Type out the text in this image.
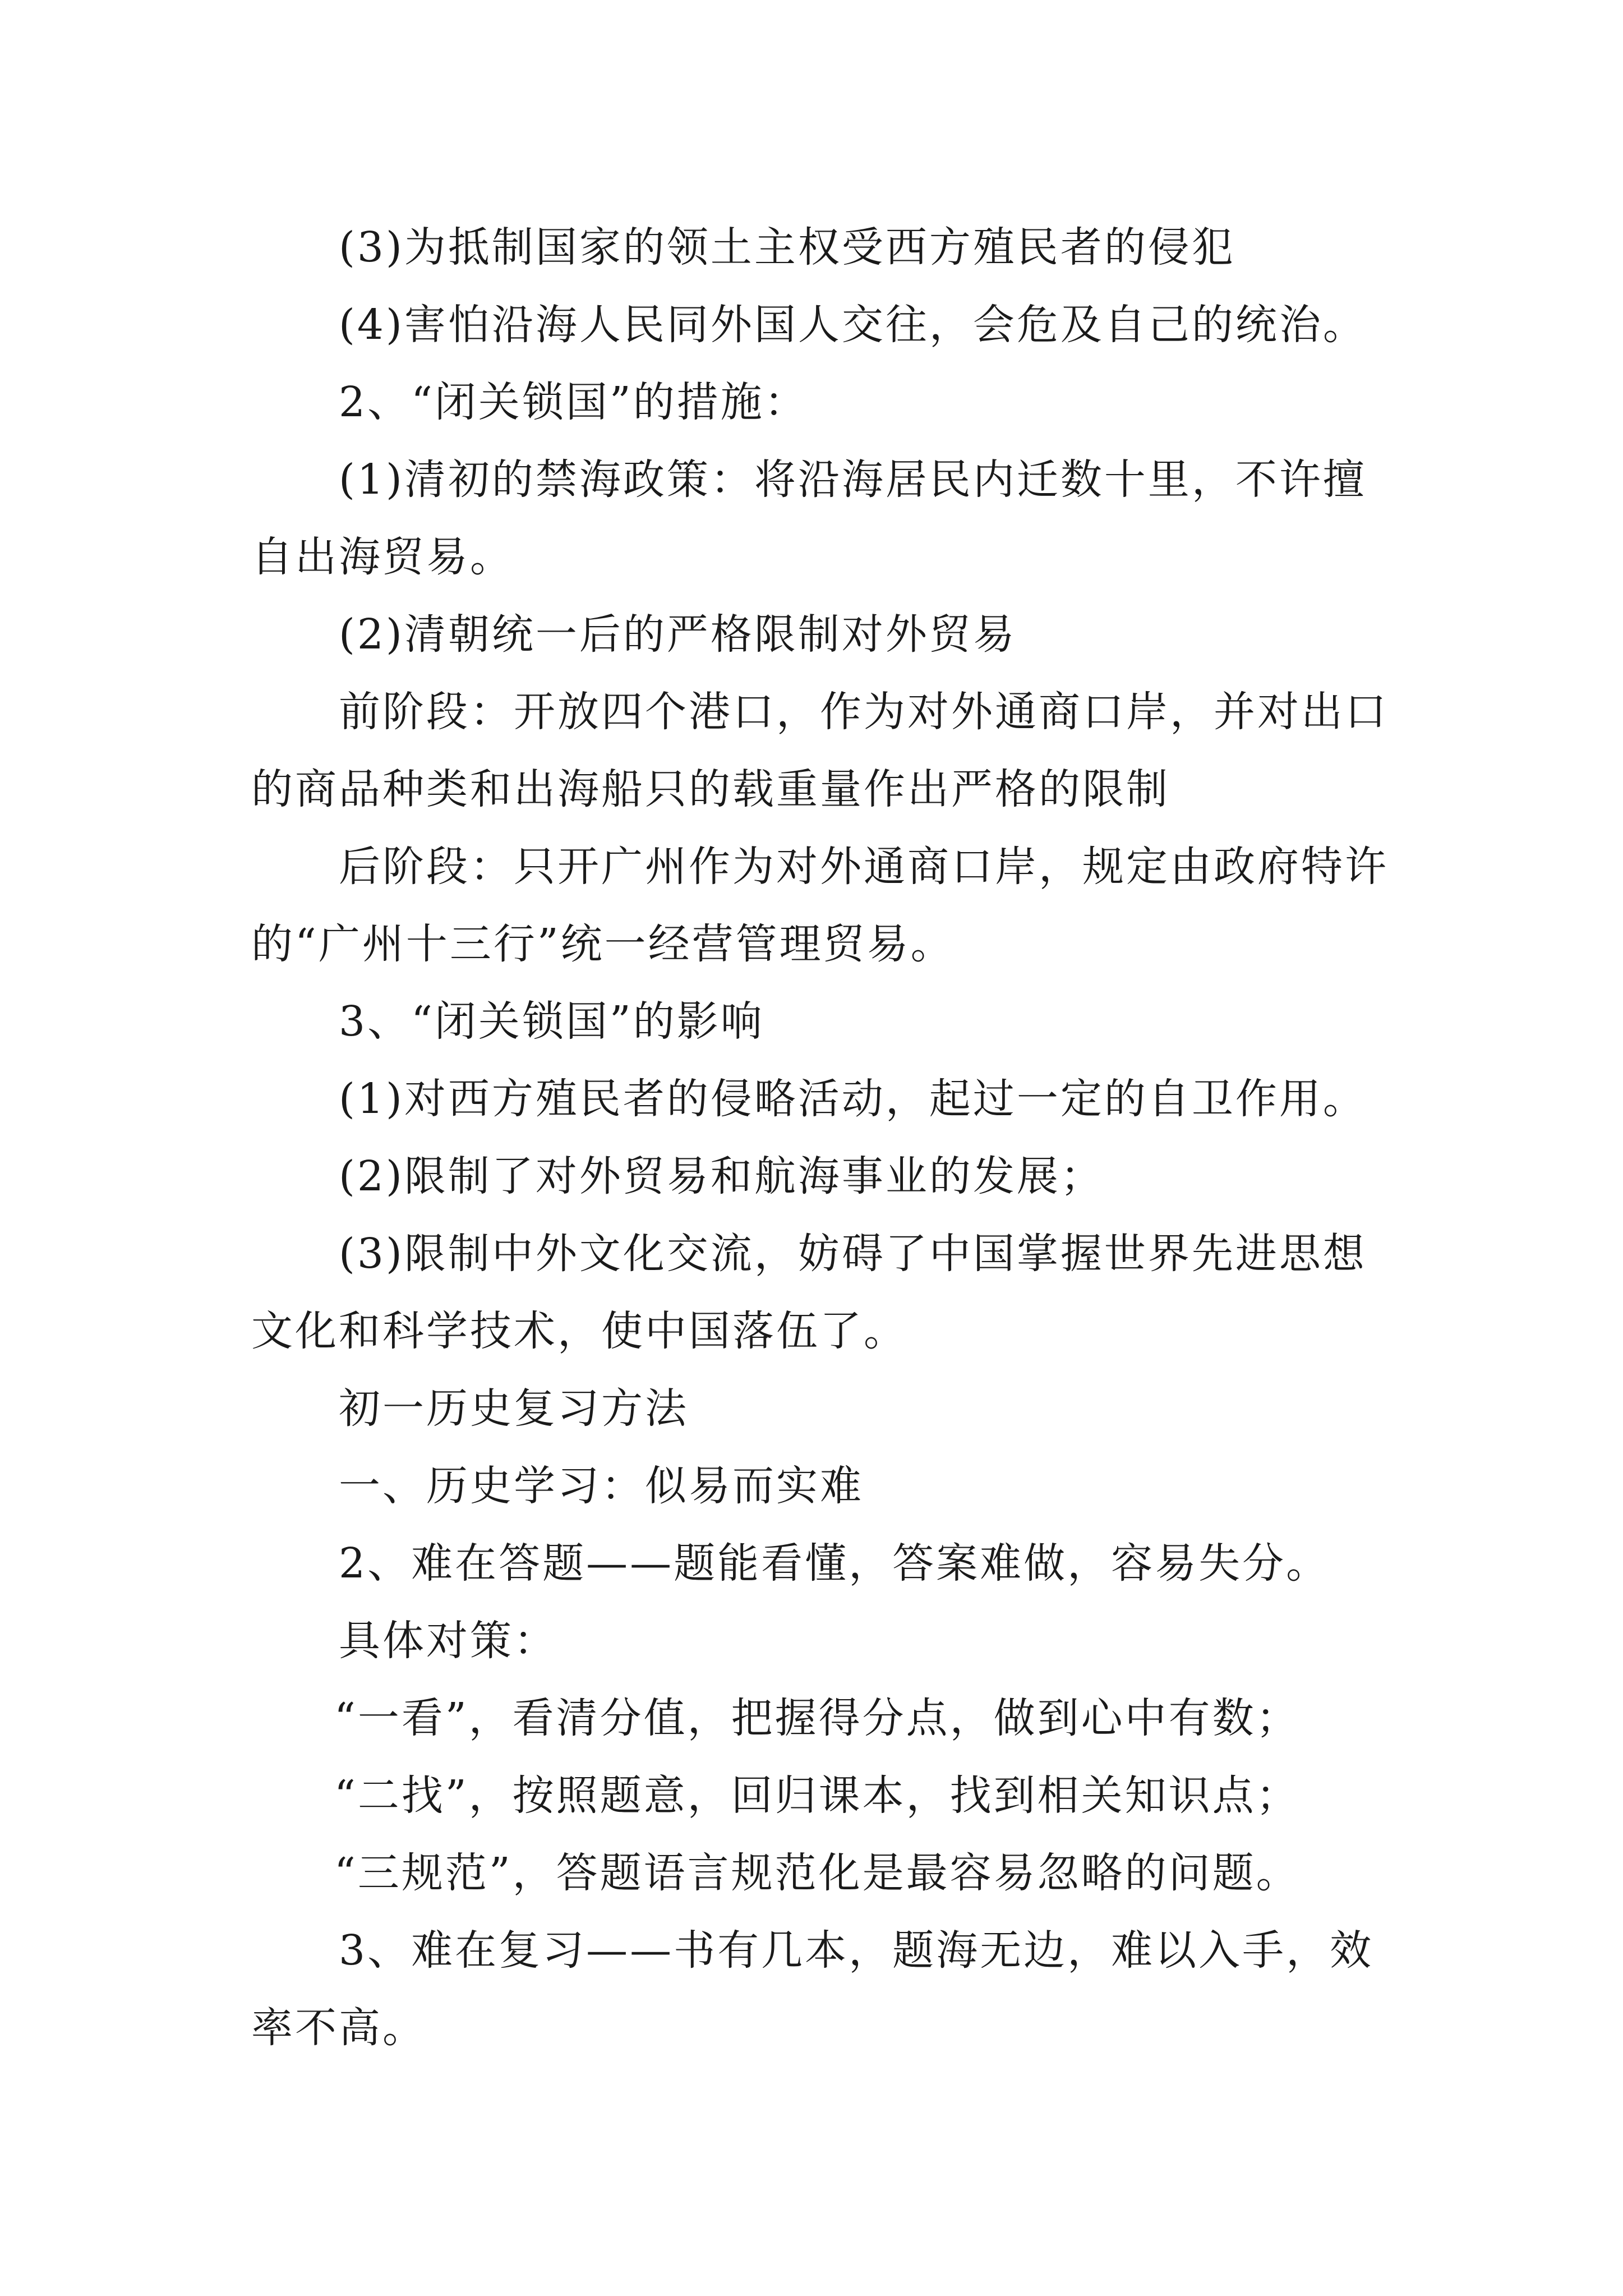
(3)为抵制国家的领土主权受西方殖民者的侵犯

(4)害怕沿海人民同外国人交往，会危及自己的统治。

2、“闭关锁国”的措施：

(1)清初的禁海政策：将沿海居民内迁数十里，不许擅自出海贸易。

(2)清朝统一后的严格限制对外贸易

前阶段：开放四个港口，作为对外通商口岸，并对出口的商品种类和出海船只的载重量作出严格的限制

后阶段：只开广州作为对外通商口岸，规定由政府特许的“广州十三行”统一经营管理贸易。

3、“闭关锁国”的影响

(1)对西方殖民者的侵略活动，起过一定的自卫作用。

(2)限制了对外贸易和航海事业的发展；

(3)限制中外文化交流，妨碍了中国掌握世界先进思想文化和科学技术，使中国落伍了。

初一历史复习方法

一、历史学习：似易而实难

2、难在答题——题能看懂，答案难做，容易失分。

具体对策：

“一看”，看清分值，把握得分点，做到心中有数；

“二找”，按照题意，回归课本，找到相关知识点；

“三规范”，答题语言规范化是最容易忽略的问题。

3、难在复习——书有几本，题海无边，难以入手，效率不高。
